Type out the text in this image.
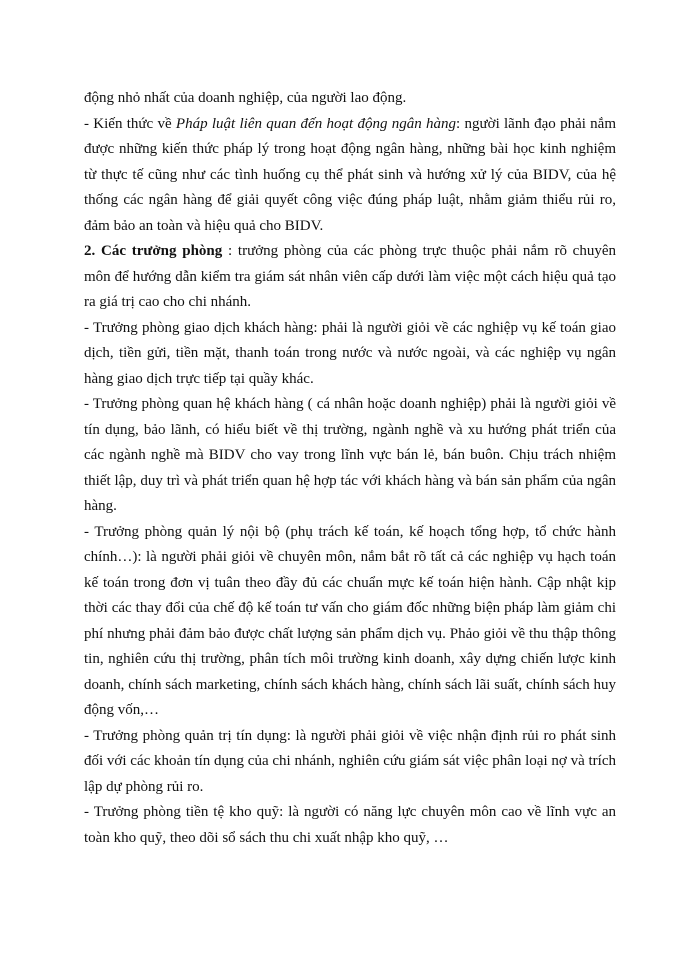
động nhỏ nhất của doanh nghiệp, của người lao động.

- Kiến thức về Pháp luật liên quan đến hoạt động ngân hàng: người lãnh đạo phải nắm được những kiến thức pháp lý trong hoạt động ngân hàng, những bài học kinh nghiệm từ thực tế cũng như các tình huống cụ thể phát sinh và hướng xử lý của BIDV, của hệ thống các ngân hàng để giải quyết công việc đúng pháp luật, nhằm giảm thiểu rủi ro, đảm bảo an toàn và hiệu quả cho BIDV.

2. Các trưởng phòng : trưởng phòng của các phòng trực thuộc phải nắm rõ chuyên môn để hướng dẫn kiểm tra giám sát nhân viên cấp dưới làm việc một cách hiệu quả tạo ra giá trị cao cho chi nhánh.

- Trưởng phòng giao dịch khách hàng: phải là người giỏi về các nghiệp vụ kế toán giao dịch, tiền gửi, tiền mặt, thanh toán trong nước và nước ngoài, và các nghiệp vụ ngân hàng giao dịch trực tiếp tại quầy khác.

- Trưởng phòng quan hệ khách hàng ( cá nhân hoặc doanh nghiệp) phải là người giỏi về tín dụng, bảo lãnh, có hiểu biết về thị trường, ngành nghề và xu hướng phát triển của các ngành nghề mà BIDV cho vay trong lĩnh vực bán lẻ, bán buôn. Chịu trách nhiệm thiết lập, duy trì và phát triển quan hệ hợp tác với khách hàng và bán sản phẩm của ngân hàng.

- Trưởng phòng quản lý nội bộ (phụ trách kế toán, kế hoạch tổng hợp, tổ chức hành chính…): là người phải giỏi về chuyên môn, nắm bắt rõ tất cả các nghiệp vụ hạch toán kế toán trong đơn vị tuân theo đầy đủ các chuẩn mực kế toán hiện hành. Cập nhật kịp thời các thay đổi của chế độ kế toán tư vấn cho giám đốc những biện pháp làm giảm chi phí nhưng phải đảm bảo được chất lượng sản phẩm dịch vụ. Phảo giỏi về thu thập thông tin, nghiên cứu thị trường, phân tích môi trường kinh doanh, xây dựng chiến lược kinh doanh, chính sách marketing, chính sách khách hàng, chính sách lãi suất, chính sách huy động vốn,…

- Trưởng phòng quản trị tín dụng: là người phải giỏi về việc nhận định rủi ro phát sinh đối với các khoản tín dụng của chi nhánh, nghiên cứu giám sát việc phân loại nợ và trích lập dự phòng rủi ro.

- Trưởng phòng tiền tệ kho quỹ: là người có năng lực chuyên môn cao về lĩnh vực an toàn kho quỹ, theo dõi sổ sách thu chi xuất nhập kho quỹ, …
